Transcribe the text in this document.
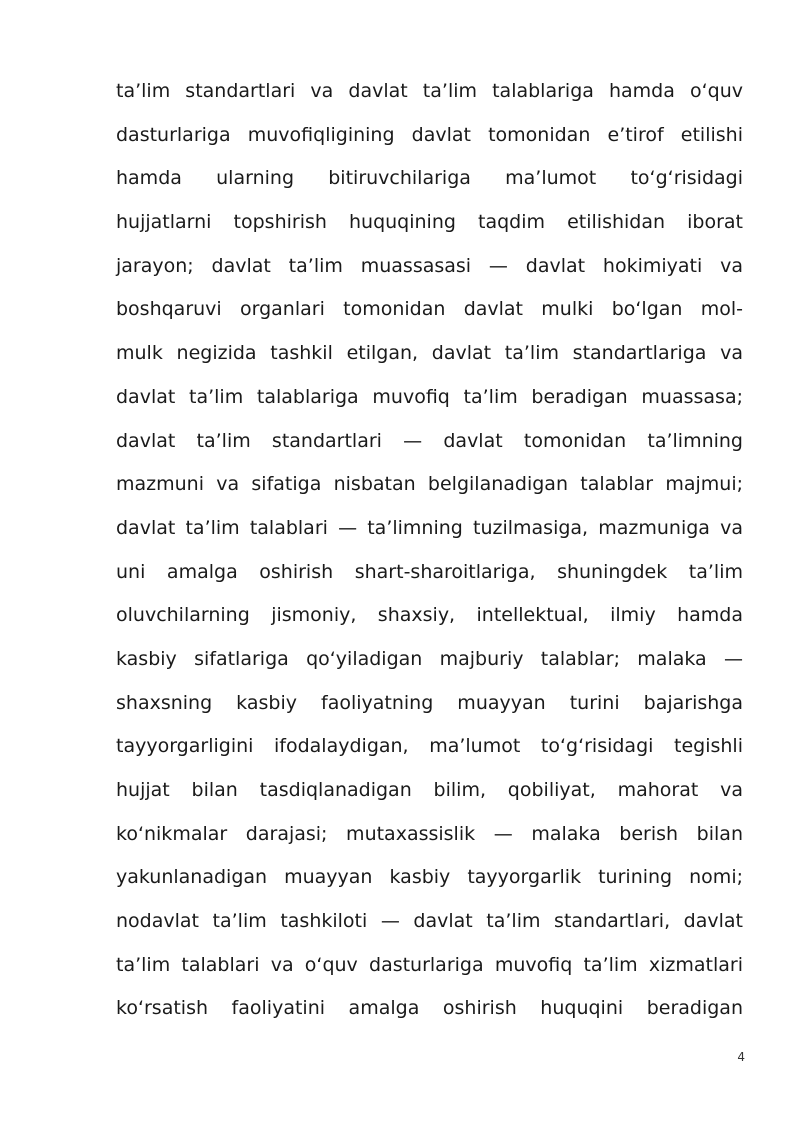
ta’lim standartlari va davlat ta’lim talablariga hamda o‘quv
dasturlariga muvofiqligining davlat tomonidan e’tirof etilishi
hamda ularning bitiruvchilariga ma’lumot to‘g‘risidagi
hujjatlarni topshirish huquqining taqdim etilishidan iborat
jarayon; davlat ta’lim muassasasi — davlat hokimiyati va
boshqaruvi organlari tomonidan davlat mulki bo‘lgan mol-
mulk negizida tashkil etilgan, davlat ta’lim standartlariga va
davlat ta’lim talablariga muvofiq ta’lim beradigan muassasa;
davlat ta’lim standartlari — davlat tomonidan ta’limning
mazmuni va sifatiga nisbatan belgilanadigan talablar majmui;
davlat ta’lim talablari — ta’limning tuzilmasiga, mazmuniga va
uni amalga oshirish shart-sharoitlariga, shuningdek ta’lim
oluvchilarning jismoniy, shaxsiy, intellektual, ilmiy hamda
kasbiy sifatlariga qo‘yiladigan majburiy talablar; malaka —
shaxsning kasbiy faoliyatning muayyan turini bajarishga
tayyorgarligini ifodalaydigan, ma’lumot to‘g‘risidagi tegishli
hujjat bilan tasdiqlanadigan bilim, qobiliyat, mahorat va
ko‘nikmalar darajasi; mutaxassislik — malaka berish bilan
yakunlanadigan muayyan kasbiy tayyorgarlik turining nomi;
nodavlat ta’lim tashkiloti — davlat ta’lim standartlari, davlat
ta’lim talablari va o‘quv dasturlariga muvofiq ta’lim xizmatlari
ko‘rsatish faoliyatini amalga oshirish huquqini beradigan
4
